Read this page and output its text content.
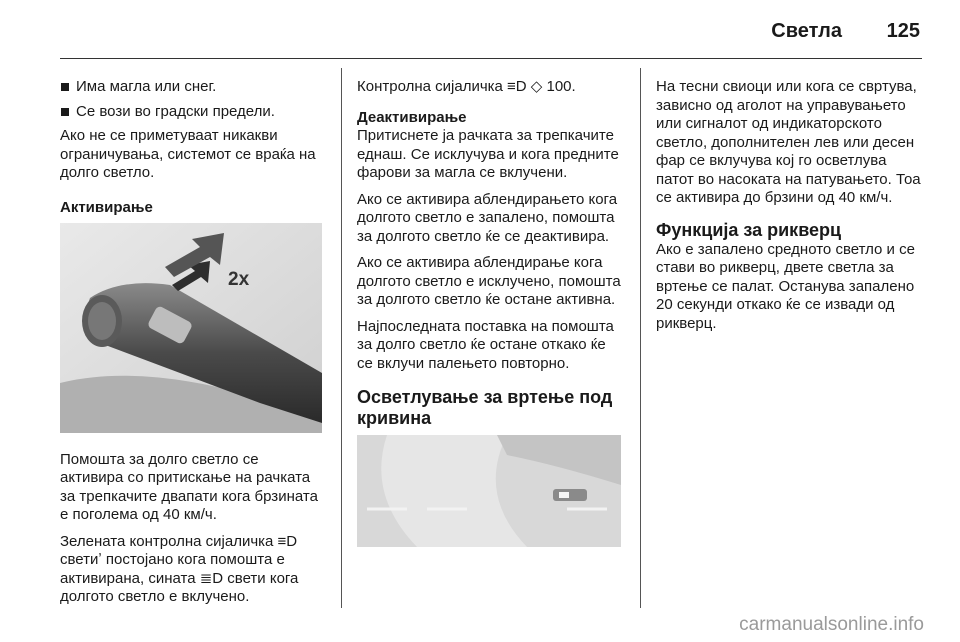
Светла 125
Има магла или снег.
Се вози во градски предели.

Ако не се приметуваат никакви ограничувања, системот се враќа на долго светло.

Активирање
2x

Помошта за долго светло се активира со притискање на рачката за трепкачите двапати кога брзината е поголема од 40 км/ч.

Зелената контролна сијаличка ≡D светиʼ постојано кога помошта е активирана, сината ≣D свети кога долгото светло е вклучено.

Контролна сијаличка ≡D ◇ 100.

Деактивирање

Притиснете ја рачката за трепкачите еднаш. Се исклучува и кога предните фарови за магла се вклучени.

Ако се активира аблендирањето кога долгото светло е запалено, помошта за долгото светло ќе се деактивира.

Ако се активира аблендирање кога долгото светло е исклучено, помошта за долгото светло ќе остане активна.

Најпоследната поставка на помошта за долго светло ќе остане откако ќе се вклучи палењето повторно.

Осветлување за вртење под кривина

На тесни свиоци или кога се свртува, зависно од аголот на управувањето или сигналот од индикаторското светло, дополнителен лев или десен фар се вклучува кој го осветлува патот во насоката на патувањето. Тоа се активира до брзини од 40 км/ч.

Функција за рикверц

Ако е запалено средното светло и се стави во рикверц, двете светла за вртење се палат. Останува запалено 20 секунди откако ќе се извади од рикверц.

carmanualsonline.info
